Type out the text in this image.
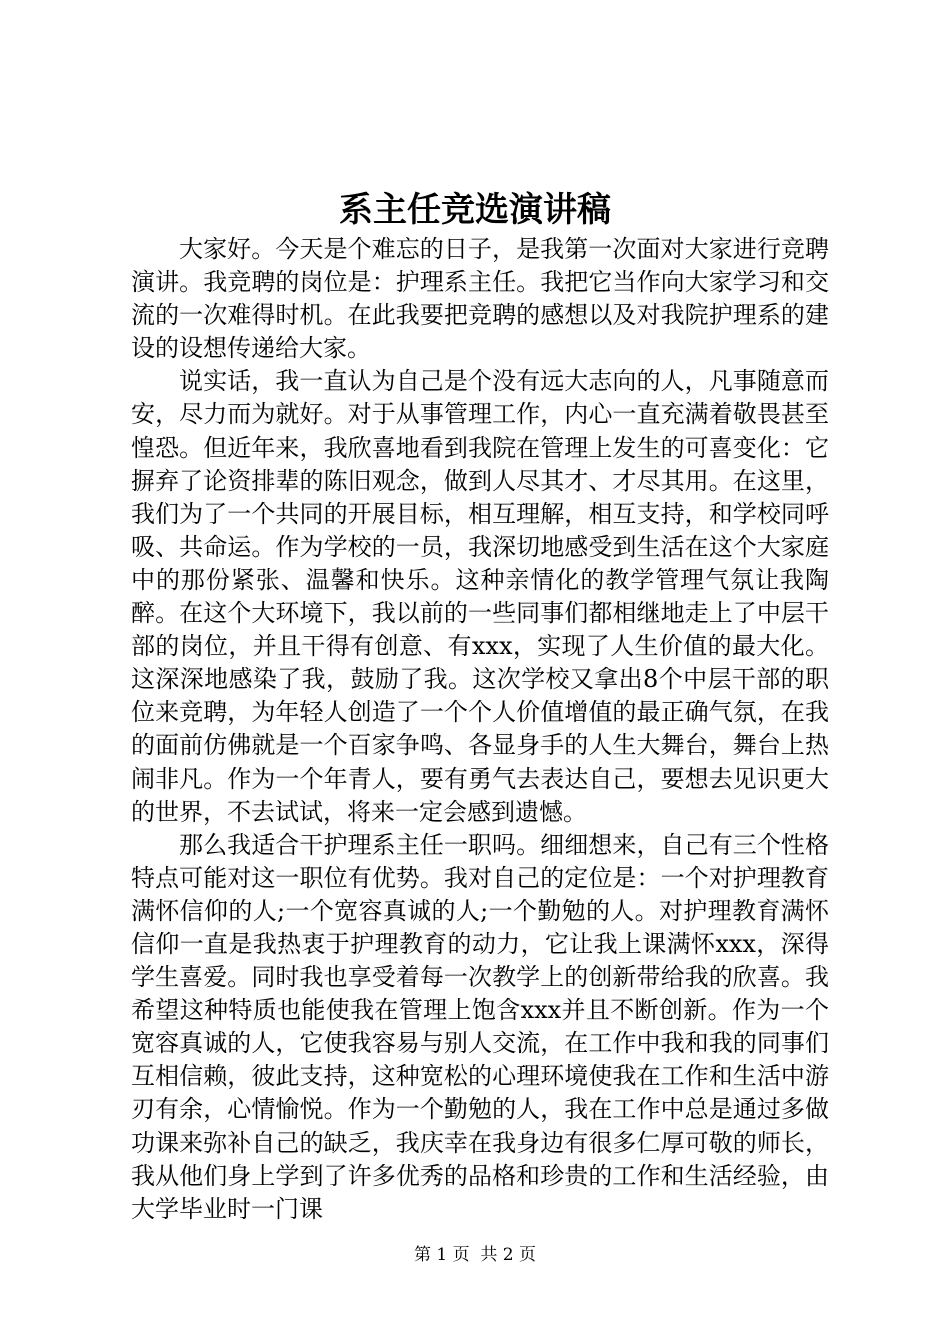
系主任竞选演讲稿

大家好。今天是个难忘的日子，是我第一次面对大家进行竞聘演讲。我竞聘的岗位是：护理系主任。我把它当作向大家学习和交流的一次难得时机。在此我要把竞聘的感想以及对我院护理系的建设的设想传递给大家。

说实话，我一直认为自己是个没有远大志向的人，凡事随意而安，尽力而为就好。对于从事管理工作，内心一直充满着敬畏甚至惶恐。但近年来，我欣喜地看到我院在管理上发生的可喜变化：它摒弃了论资排辈的陈旧观念，做到人尽其才、才尽其用。在这里，我们为了一个共同的开展目标，相互理解，相互支持，和学校同呼吸、共命运。作为学校的一员，我深切地感受到生活在这个大家庭中的那份紧张、温馨和快乐。这种亲情化的教学管理气氛让我陶醉。在这个大环境下，我以前的一些同事们都相继地走上了中层干部的岗位，并且干得有创意、有xxx，实现了人生价值的最大化。这深深地感染了我，鼓励了我。这次学校又拿出8个中层干部的职位来竞聘，为年轻人创造了一个个人价值增值的最正确气氛，在我的面前仿佛就是一个百家争鸣、各显身手的人生大舞台，舞台上热闹非凡。作为一个年青人，要有勇气去表达自己，要想去见识更大的世界，不去试试，将来一定会感到遗憾。

那么我适合干护理系主任一职吗。细细想来，自己有三个性格特点可能对这一职位有优势。我对自己的定位是：一个对护理教育满怀信仰的人;一个宽容真诚的人;一个勤勉的人。对护理教育满怀信仰一直是我热衷于护理教育的动力，它让我上课满怀xxx，深得学生喜爱。同时我也享受着每一次教学上的创新带给我的欣喜。我希望这种特质也能使我在管理上饱含xxx并且不断创新。作为一个宽容真诚的人，它使我容易与别人交流，在工作中我和我的同事们互相信赖，彼此支持，这种宽松的心理环境使我在工作和生活中游刃有余，心情愉悦。作为一个勤勉的人，我在工作中总是通过多做功课来弥补自己的缺乏，我庆幸在我身边有很多仁厚可敬的师长，我从他们身上学到了许多优秀的品格和珍贵的工作和生活经验，由大学毕业时一门课

第 1 页  共 2 页
